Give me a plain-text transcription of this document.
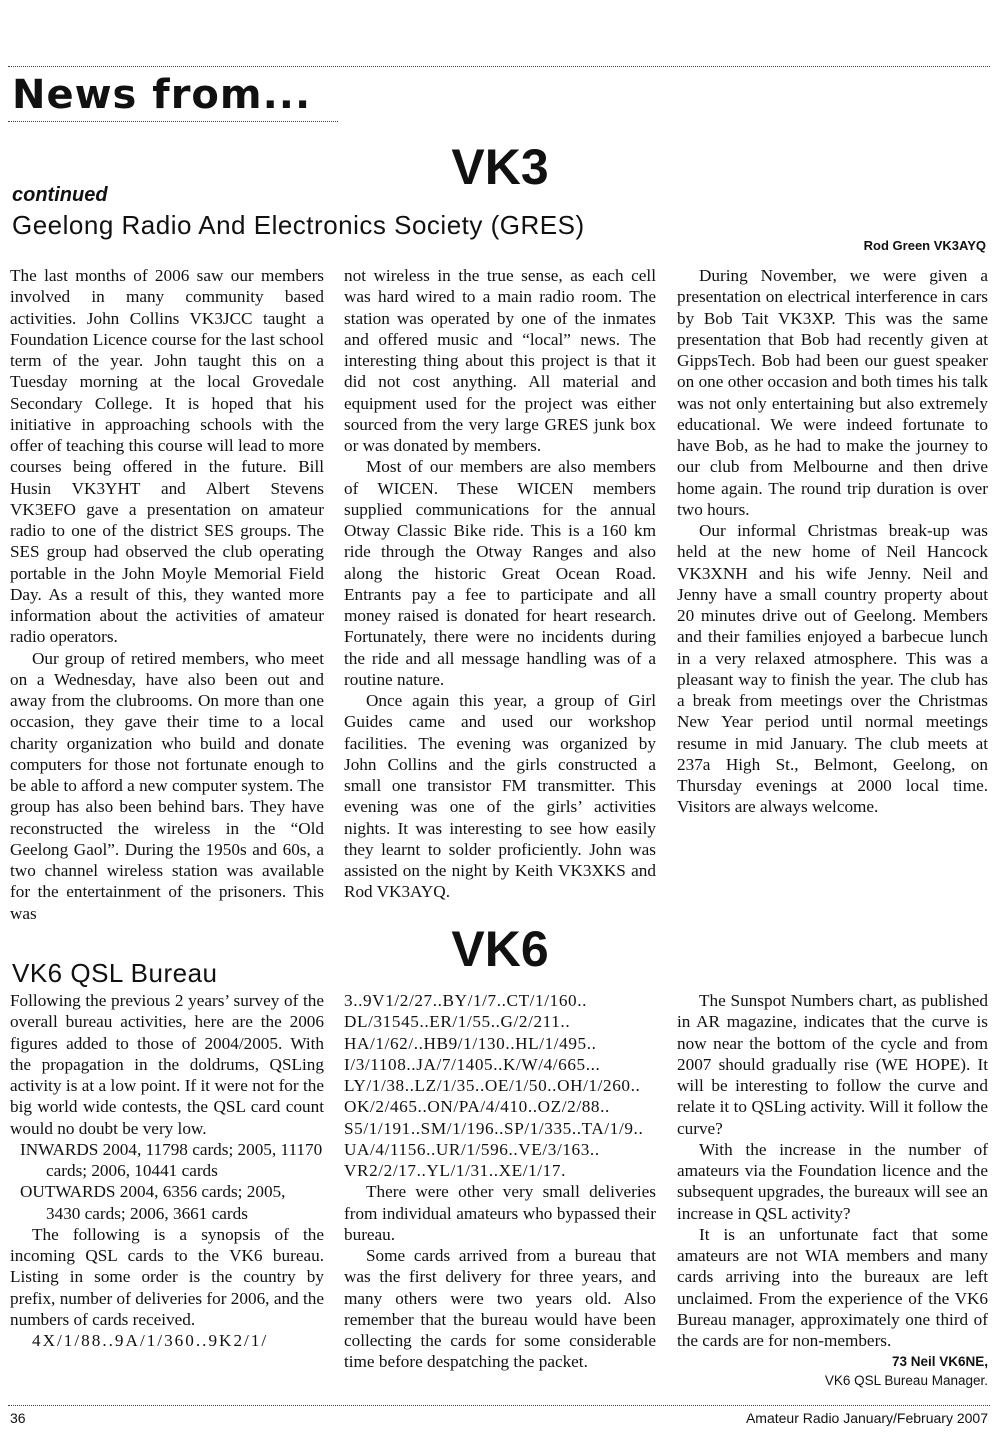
News from...
VK3
continued
Geelong Radio And Electronics Society (GRES)
Rod Green VK3AYQ

The last months of 2006 saw our members involved in many community based activities. John Collins VK3JCC taught a Foundation Licence course for the last school term of the year. John taught this on a Tuesday morning at the local Grovedale Secondary College. It is hoped that his initiative in approaching schools with the offer of teaching this course will lead to more courses being offered in the future. Bill Husin VK3YHT and Albert Stevens VK3EFO gave a presentation on amateur radio to one of the district SES groups. The SES group had observed the club operating portable in the John Moyle Memorial Field Day. As a result of this, they wanted more information about the activities of amateur radio operators.

Our group of retired members, who meet on a Wednesday, have also been out and away from the clubrooms. On more than one occasion, they gave their time to a local charity organization who build and donate computers for those not fortunate enough to be able to afford a new computer system. The group has also been behind bars. They have reconstructed the wireless in the “Old Geelong Gaol”. During the 1950s and 60s, a two channel wireless station was available for the entertainment of the prisoners. This was

not wireless in the true sense, as each cell was hard wired to a main radio room. The station was operated by one of the inmates and offered music and “local” news. The interesting thing about this project is that it did not cost anything. All material and equipment used for the project was either sourced from the very large GRES junk box or was donated by members.

Most of our members are also members of WICEN. These WICEN members supplied communications for the annual Otway Classic Bike ride. This is a 160 km ride through the Otway Ranges and also along the historic Great Ocean Road. Entrants pay a fee to participate and all money raised is donated for heart research. Fortunately, there were no incidents during the ride and all message handling was of a routine nature.

Once again this year, a group of Girl Guides came and used our workshop facilities. The evening was organized by John Collins and the girls constructed a small one transistor FM transmitter. This evening was one of the girls’ activities nights. It was interesting to see how easily they learnt to solder proficiently. John was assisted on the night by Keith VK3XKS and Rod VK3AYQ.

During November, we were given a presentation on electrical interference in cars by Bob Tait VK3XP. This was the same presentation that Bob had recently given at GippsTech. Bob had been our guest speaker on one other occasion and both times his talk was not only entertaining but also extremely educational. We were indeed fortunate to have Bob, as he had to make the journey to our club from Melbourne and then drive home again. The round trip duration is over two hours.

Our informal Christmas break-up was held at the new home of Neil Hancock VK3XNH and his wife Jenny. Neil and Jenny have a small country property about 20 minutes drive out of Geelong. Members and their families enjoyed a barbecue lunch in a very relaxed atmosphere. This was a pleasant way to finish the year. The club has a break from meetings over the Christmas New Year period until normal meetings resume in mid January. The club meets at 237a High St., Belmont, Geelong, on Thursday evenings at 2000 local time. Visitors are always welcome.

VK6
VK6 QSL Bureau

Following the previous 2 years’ survey of the overall bureau activities, here are the 2006 figures added to those of 2004/2005. With the propagation in the doldrums, QSLing activity is at a low point. If it were not for the big world wide contests, the QSL card count would no doubt be very low.

INWARDS 2004, 11798 cards; 2005, 11170 cards; 2006, 10441 cards

OUTWARDS 2004, 6356 cards; 2005, 3430 cards; 2006, 3661 cards

The following is a synopsis of the incoming QSL cards to the VK6 bureau. Listing in some order is the country by prefix, number of deliveries for 2006, and the numbers of cards received.

4X/1/88..9A/1/360..9K2/1/

3..9V1/2/27..BY/1/7..CT/1/160.. DL/31545..ER/1/55..G/2/211.. HA/1/62/..HB9/1/130..HL/1/495.. I/3/1108..JA/7/1405..K/W/4/665... LY/1/38..LZ/1/35..OE/1/50..OH/1/260.. OK/2/465..ON/PA/4/410..OZ/2/88.. S5/1/191..SM/1/196..SP/1/335..TA/1/9.. UA/4/1156..UR/1/596..VE/3/163.. VR2/2/17..YL/1/31..XE/1/17.

There were other very small deliveries from individual amateurs who bypassed their bureau.

Some cards arrived from a bureau that was the first delivery for three years, and many others were two years old. Also remember that the bureau would have been collecting the cards for some considerable time before despatching the packet.

The Sunspot Numbers chart, as published in AR magazine, indicates that the curve is now near the bottom of the cycle and from 2007 should gradually rise (WE HOPE). It will be interesting to follow the curve and relate it to QSLing activity. Will it follow the curve?

With the increase in the number of amateurs via the Foundation licence and the subsequent upgrades, the bureaux will see an increase in QSL activity?

It is an unfortunate fact that some amateurs are not WIA members and many cards arriving into the bureaux are left unclaimed. From the experience of the VK6 Bureau manager, approximately one third of the cards are for non-members.

73 Neil VK6NE,
VK6 QSL Bureau Manager.
36	Amateur Radio January/February 2007
